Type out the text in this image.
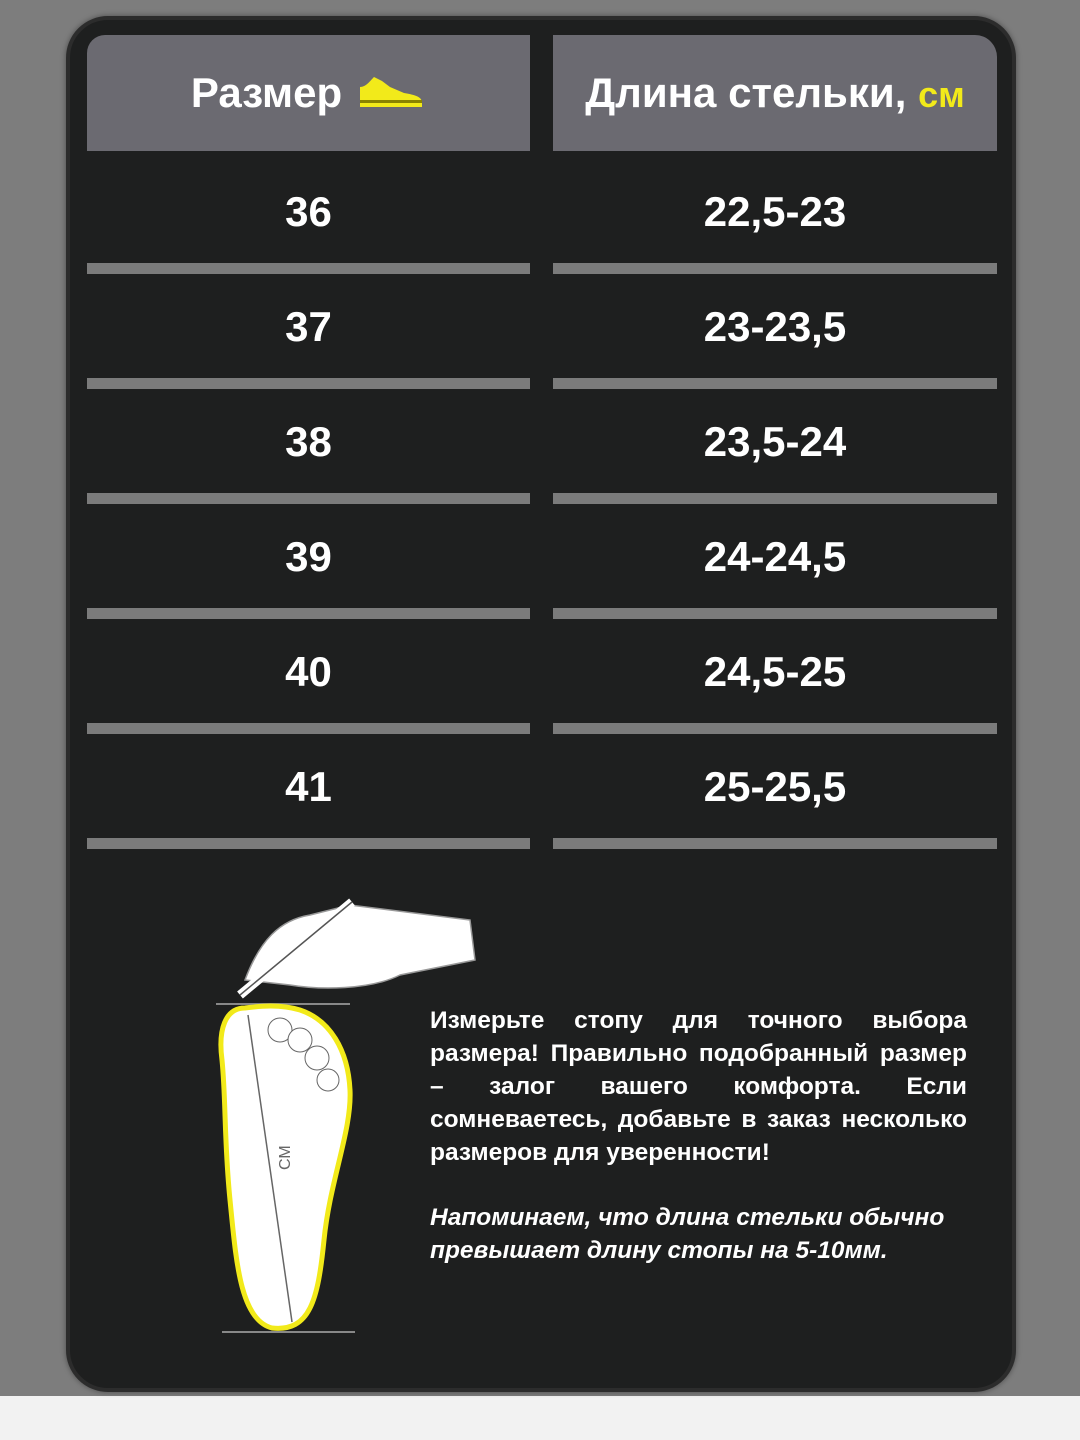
Размер	Длина стельки, см
36	22,5-23
37	23-23,5
38	23,5-24
39	24-24,5
40	24,5-25
41	25-25,5
СМ

Измерьте стопу для точного выбора размера! Правильно подобранный размер – залог вашего комфорта. Если сомневаетесь, добавьте в заказ несколько размеров для уверенности!

Напоминаем, что длина стельки обычно превышает длину стопы на 5-10мм.
